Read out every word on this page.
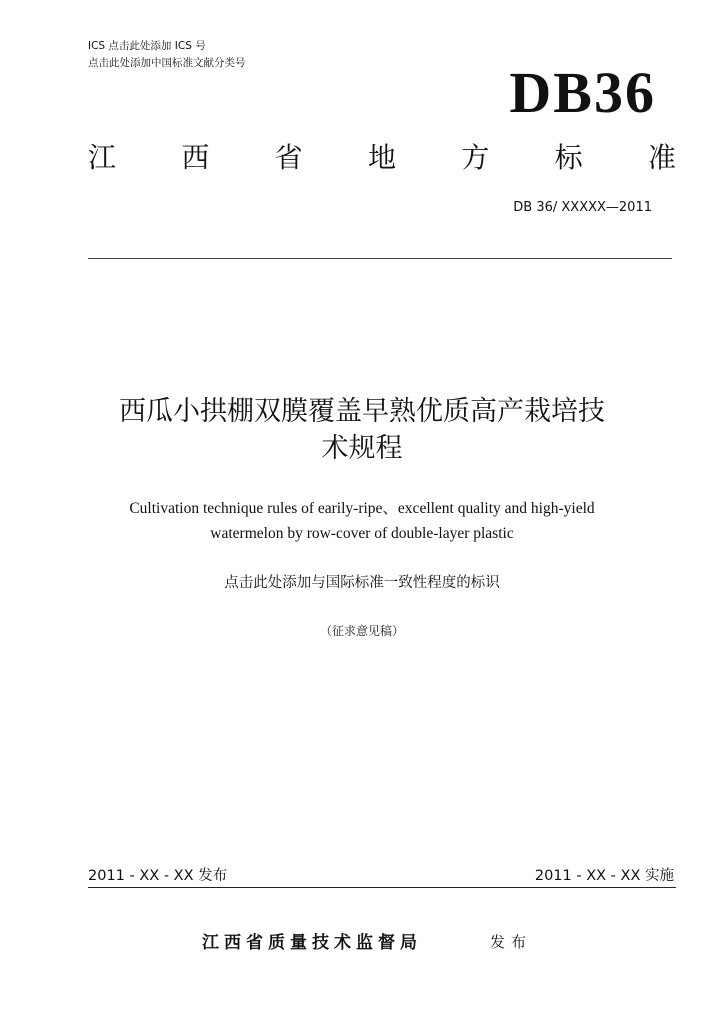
ICS 点击此处添加 ICS 号
点击此处添加中国标准文献分类号	DB36
江 西 省 地 方 标 准
DB 36/ XXXXX—2011
西瓜小拱棚双膜覆盖早熟优质高产栽培技
术规程
Cultivation technique rules of earily-ripe、excellent quality and high-yield
watermelon by row-cover of double-layer plastic
点击此处添加与国际标准一致性程度的标识
（征求意见稿）
2011 - XX - XX 发布	2011 - XX - XX 实施
江西省质量技术监督局	发布
